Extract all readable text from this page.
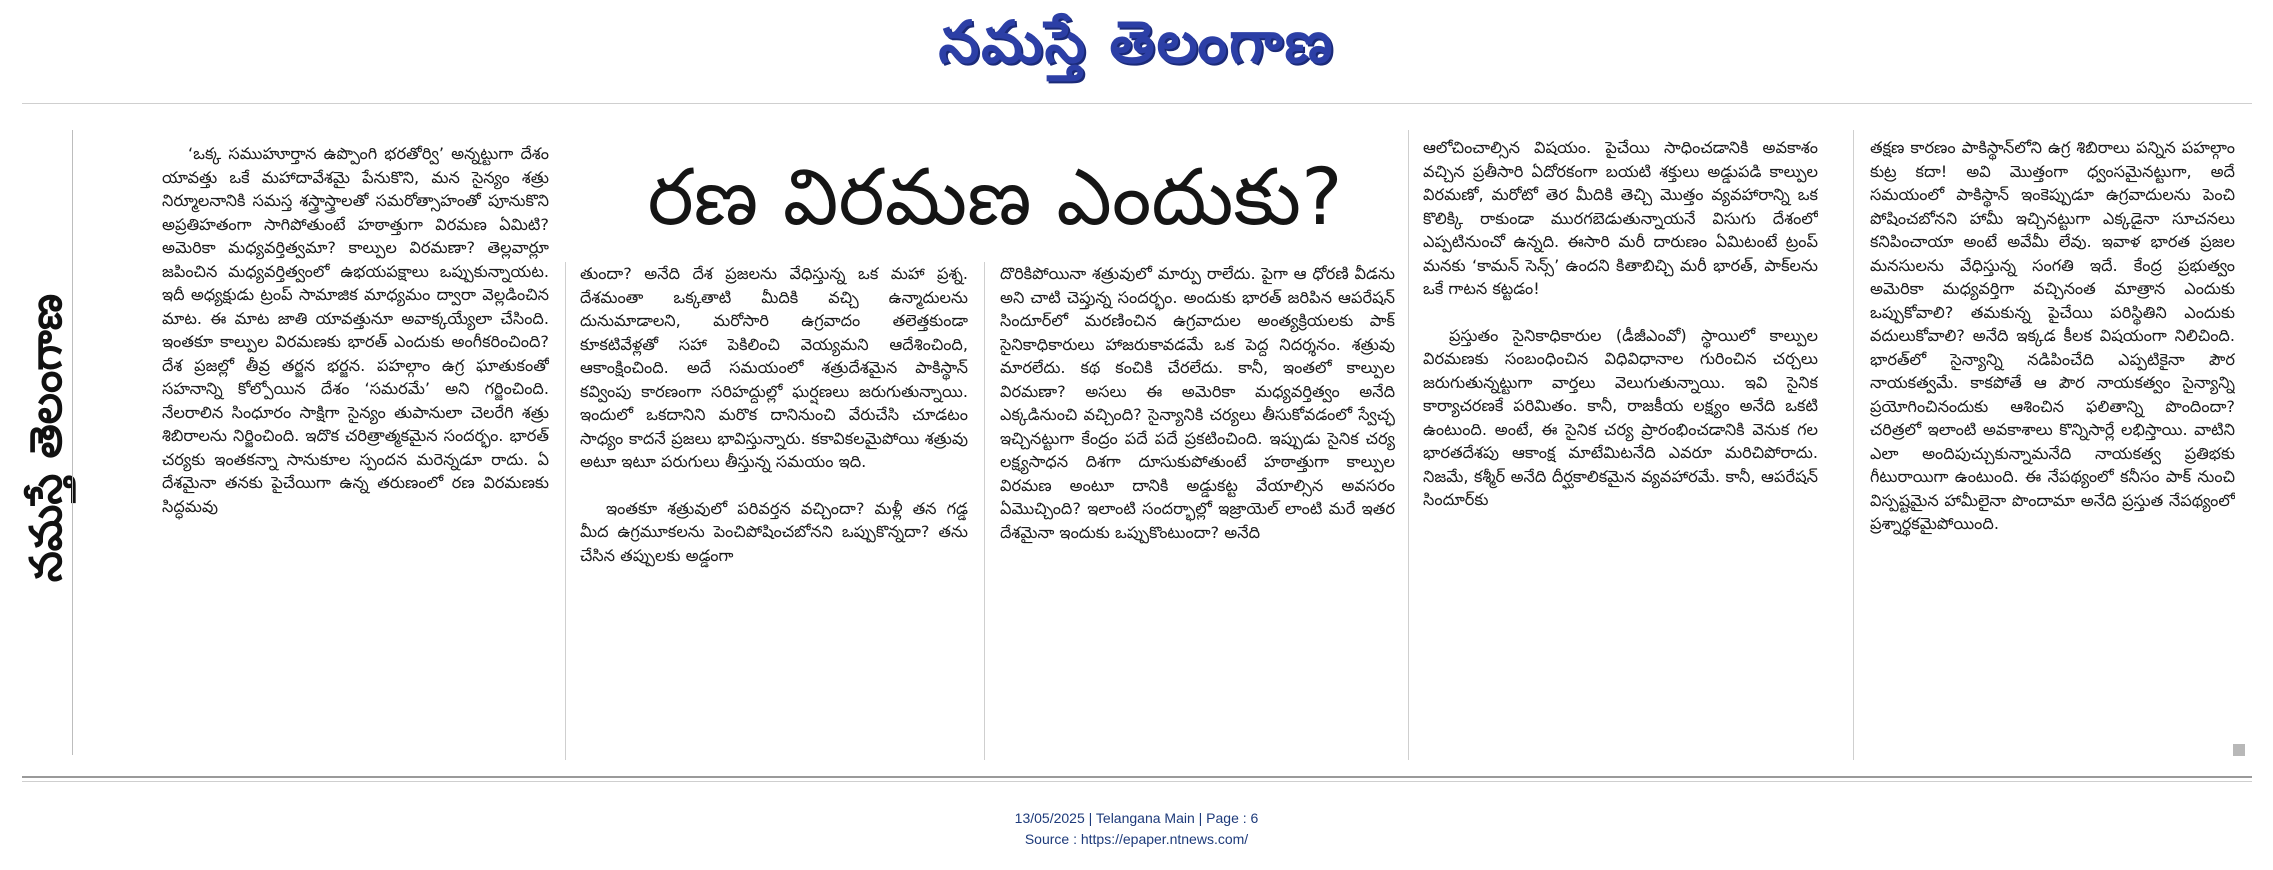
నమస్తే తెలంగాణ
నమస్తే తెలంగాణ
రణ విరమణ ఎందుకు?

‘ఒక్క సముహూర్తాన ఉప్పొంగి భరతోర్వి’ అన్నట్టుగా దేశం యావత్తు ఒకే మహాదావేశమై పేనుకొని, మన సైన్యం శత్రు నిర్మూలనానికి సమస్త శస్త్రాస్త్రాలతో సమరోత్సాహంతో పూనుకొని అప్రతిహతంగా సాగిపోతుంటే హఠాత్తుగా విరమణ ఏమిటి? అమెరికా మధ్యవర్తిత్వమా? కాల్పుల విరమణా? తెల్లవార్లూ జపించిన మధ్యవర్తిత్వంలో ఉభయపక్షాలు ఒప్పుకున్నాయట. ఇదీ అధ్యక్షుడు ట్రంప్ సామాజిక మాధ్యమం ద్వారా వెల్లడించిన మాట. ఈ మాట జాతి యావత్తునూ అవాక్కయ్యేలా చేసింది. ఇంతకూ కాల్పుల విరమణకు భారత్ ఎందుకు అంగీకరించింది? దేశ ప్రజల్లో తీవ్ర తర్జన భర్జన. పహల్గాం ఉగ్ర ఘాతుకంతో సహనాన్ని కోల్పోయిన దేశం ‘సమరమే’ అని గర్జించింది. నేలరాలిన సింధూరం సాక్షిగా సైన్యం తుపానులా చెలరేగి శత్రు శిబిరాలను నిర్జించింది. ఇదొక చరిత్రాత్మకమైన సందర్భం. భారత్ చర్యకు ఇంతకన్నా సానుకూల స్పందన మరెన్నడూ రాదు. ఏ దేశమైనా తనకు పైచేయిగా ఉన్న తరుణంలో రణ విరమణకు సిద్ధమవు

తుందా? అనేది దేశ ప్రజలను వేధిస్తున్న ఒక మహా ప్రశ్న. దేశమంతా ఒక్కతాటి మీదికి వచ్చి ఉన్మాదులను దునుమాడాలని, మరోసారి ఉగ్రవాదం తలెత్తకుండా కూకటివేళ్లతో సహా పెకిలించి వెయ్యమని ఆదేశించింది, ఆకాంక్షించింది. అదే సమయంలో శత్రుదేశమైన పాకిస్థాన్ కవ్వింపు కారణంగా సరిహద్దుల్లో ఘర్షణలు జరుగుతున్నాయి. ఇందులో ఒకదానిని మరొక దానినుంచి వేరుచేసి చూడటం సాధ్యం కాదనే ప్రజలు భావిస్తున్నారు. కకావికలమైపోయి శత్రువు అటూ ఇటూ పరుగులు తీస్తున్న సమయం ఇది.

ఇంతకూ శత్రువులో పరివర్తన వచ్చిందా? మళ్లీ తన గడ్డ మీద ఉగ్రమూకలను పెంచిపోషించబోనని ఒప్పుకొన్నదా? తను చేసిన తప్పులకు అడ్డంగా

దొరికిపోయినా శత్రువులో మార్పు రాలేదు. పైగా ఆ ధోరణి వీడను అని చాటి చెప్తున్న సందర్భం. అందుకు భారత్ జరిపిన ఆపరేషన్ సిందూర్‌లో మరణించిన ఉగ్రవాదుల అంత్యక్రియలకు పాక్ సైనికాధికారులు హాజరుకావడమే ఒక పెద్ద నిదర్శనం. శత్రువు మారలేదు. కథ కంచికి చేరలేదు. కానీ, ఇంతలో కాల్పుల విరమణా? అసలు ఈ అమెరికా మధ్యవర్తిత్వం అనేది ఎక్కడినుంచి వచ్చింది? సైన్యానికి చర్యలు తీసుకోవడంలో స్వేచ్ఛ ఇచ్చినట్టుగా కేంద్రం పదే పదే ప్రకటించింది. ఇప్పుడు సైనిక చర్య లక్ష్యసాధన దిశగా దూసుకుపోతుంటే హఠాత్తుగా కాల్పుల విరమణ అంటూ దానికి అడ్డుకట్ట వేయాల్సిన అవసరం ఏమొచ్చింది? ఇలాంటి సందర్భాల్లో ఇజ్రాయెల్ లాంటి మరే ఇతర దేశమైనా ఇందుకు ఒప్పుకొంటుందా? అనేది

ఆలోచించాల్సిన విషయం. పైచేయి సాధించడానికి అవకాశం వచ్చిన ప్రతీసారి ఏదోరకంగా బయటి శక్తులు అడ్డుపడి కాల్పుల విరమణో, మరోటో తెర మీదికి తెచ్చి మొత్తం వ్యవహారాన్ని ఒక కొలిక్కి రాకుండా మురగబెడుతున్నాయనే విసుగు దేశంలో ఎప్పటినుంచో ఉన్నది. ఈసారి మరీ దారుణం ఏమిటంటే ట్రంప్ మనకు ‘కామన్ సెన్స్’ ఉందని కితాబిచ్చి మరీ భారత్, పాక్‌లను ఒకే గాటన కట్టడం!

ప్రస్తుతం సైనికాధికారుల (డీజీఎంవో) స్థాయిలో కాల్పుల విరమణకు సంబంధించిన విధివిధానాల గురించిన చర్చలు జరుగుతున్నట్టుగా వార్తలు వెలుగుతున్నాయి. ఇవి సైనిక కార్యాచరణకే పరిమితం. కానీ, రాజకీయ లక్ష్యం అనేది ఒకటి ఉంటుంది. అంటే, ఈ సైనిక చర్య ప్రారంభించడానికి వెనుక గల భారతదేశపు ఆకాంక్ష మాటేమిటనేది ఎవరూ మరిచిపోరాదు. నిజమే, కశ్మీర్ అనేది దీర్ఘకాలికమైన వ్యవహారమే. కానీ, ఆపరేషన్ సిందూర్‌కు

తక్షణ కారణం పాకిస్థాన్‌లోని ఉగ్ర శిబిరాలు పన్నిన పహల్గాం కుట్ర కదా! అవి మొత్తంగా ధ్వంసమైనట్టుగా, అదే సమయంలో పాకిస్థాన్ ఇంకెప్పుడూ ఉగ్రవాదులను పెంచి పోషించబోనని హామీ ఇచ్చినట్టుగా ఎక్కడైనా సూచనలు కనిపించాయా అంటే అవేమీ లేవు. ఇవాళ భారత ప్రజల మనసులను వేధిస్తున్న సంగతి ఇదే. కేంద్ర ప్రభుత్వం అమెరికా మధ్యవర్తిగా వచ్చినంత మాత్రాన ఎందుకు ఒప్పుకోవాలి? తమకున్న పైచేయి పరిస్థితిని ఎందుకు వదులుకోవాలి? అనేది ఇక్కడ కీలక విషయంగా నిలిచింది. భారత్‌లో సైన్యాన్ని నడిపించేది ఎప్పటికైనా పౌర నాయకత్వమే. కాకపోతే ఆ పౌర నాయకత్వం సైన్యాన్ని ప్రయోగించినందుకు ఆశించిన ఫలితాన్ని పొందిందా? చరిత్రలో ఇలాంటి అవకాశాలు కొన్నిసార్లే లభిస్తాయి. వాటిని ఎలా అందిపుచ్చుకున్నామనేది నాయకత్వ ప్రతిభకు గీటురాయిగా ఉంటుంది. ఈ నేపథ్యంలో కనీసం పాక్ నుంచి విస్పష్టమైన హామీలైనా పొందామా అనేది ప్రస్తుత నేపథ్యంలో ప్రశ్నార్థకమైపోయింది.

13/05/2025 | Telangana Main | Page : 6
Source : https://epaper.ntnews.com/
